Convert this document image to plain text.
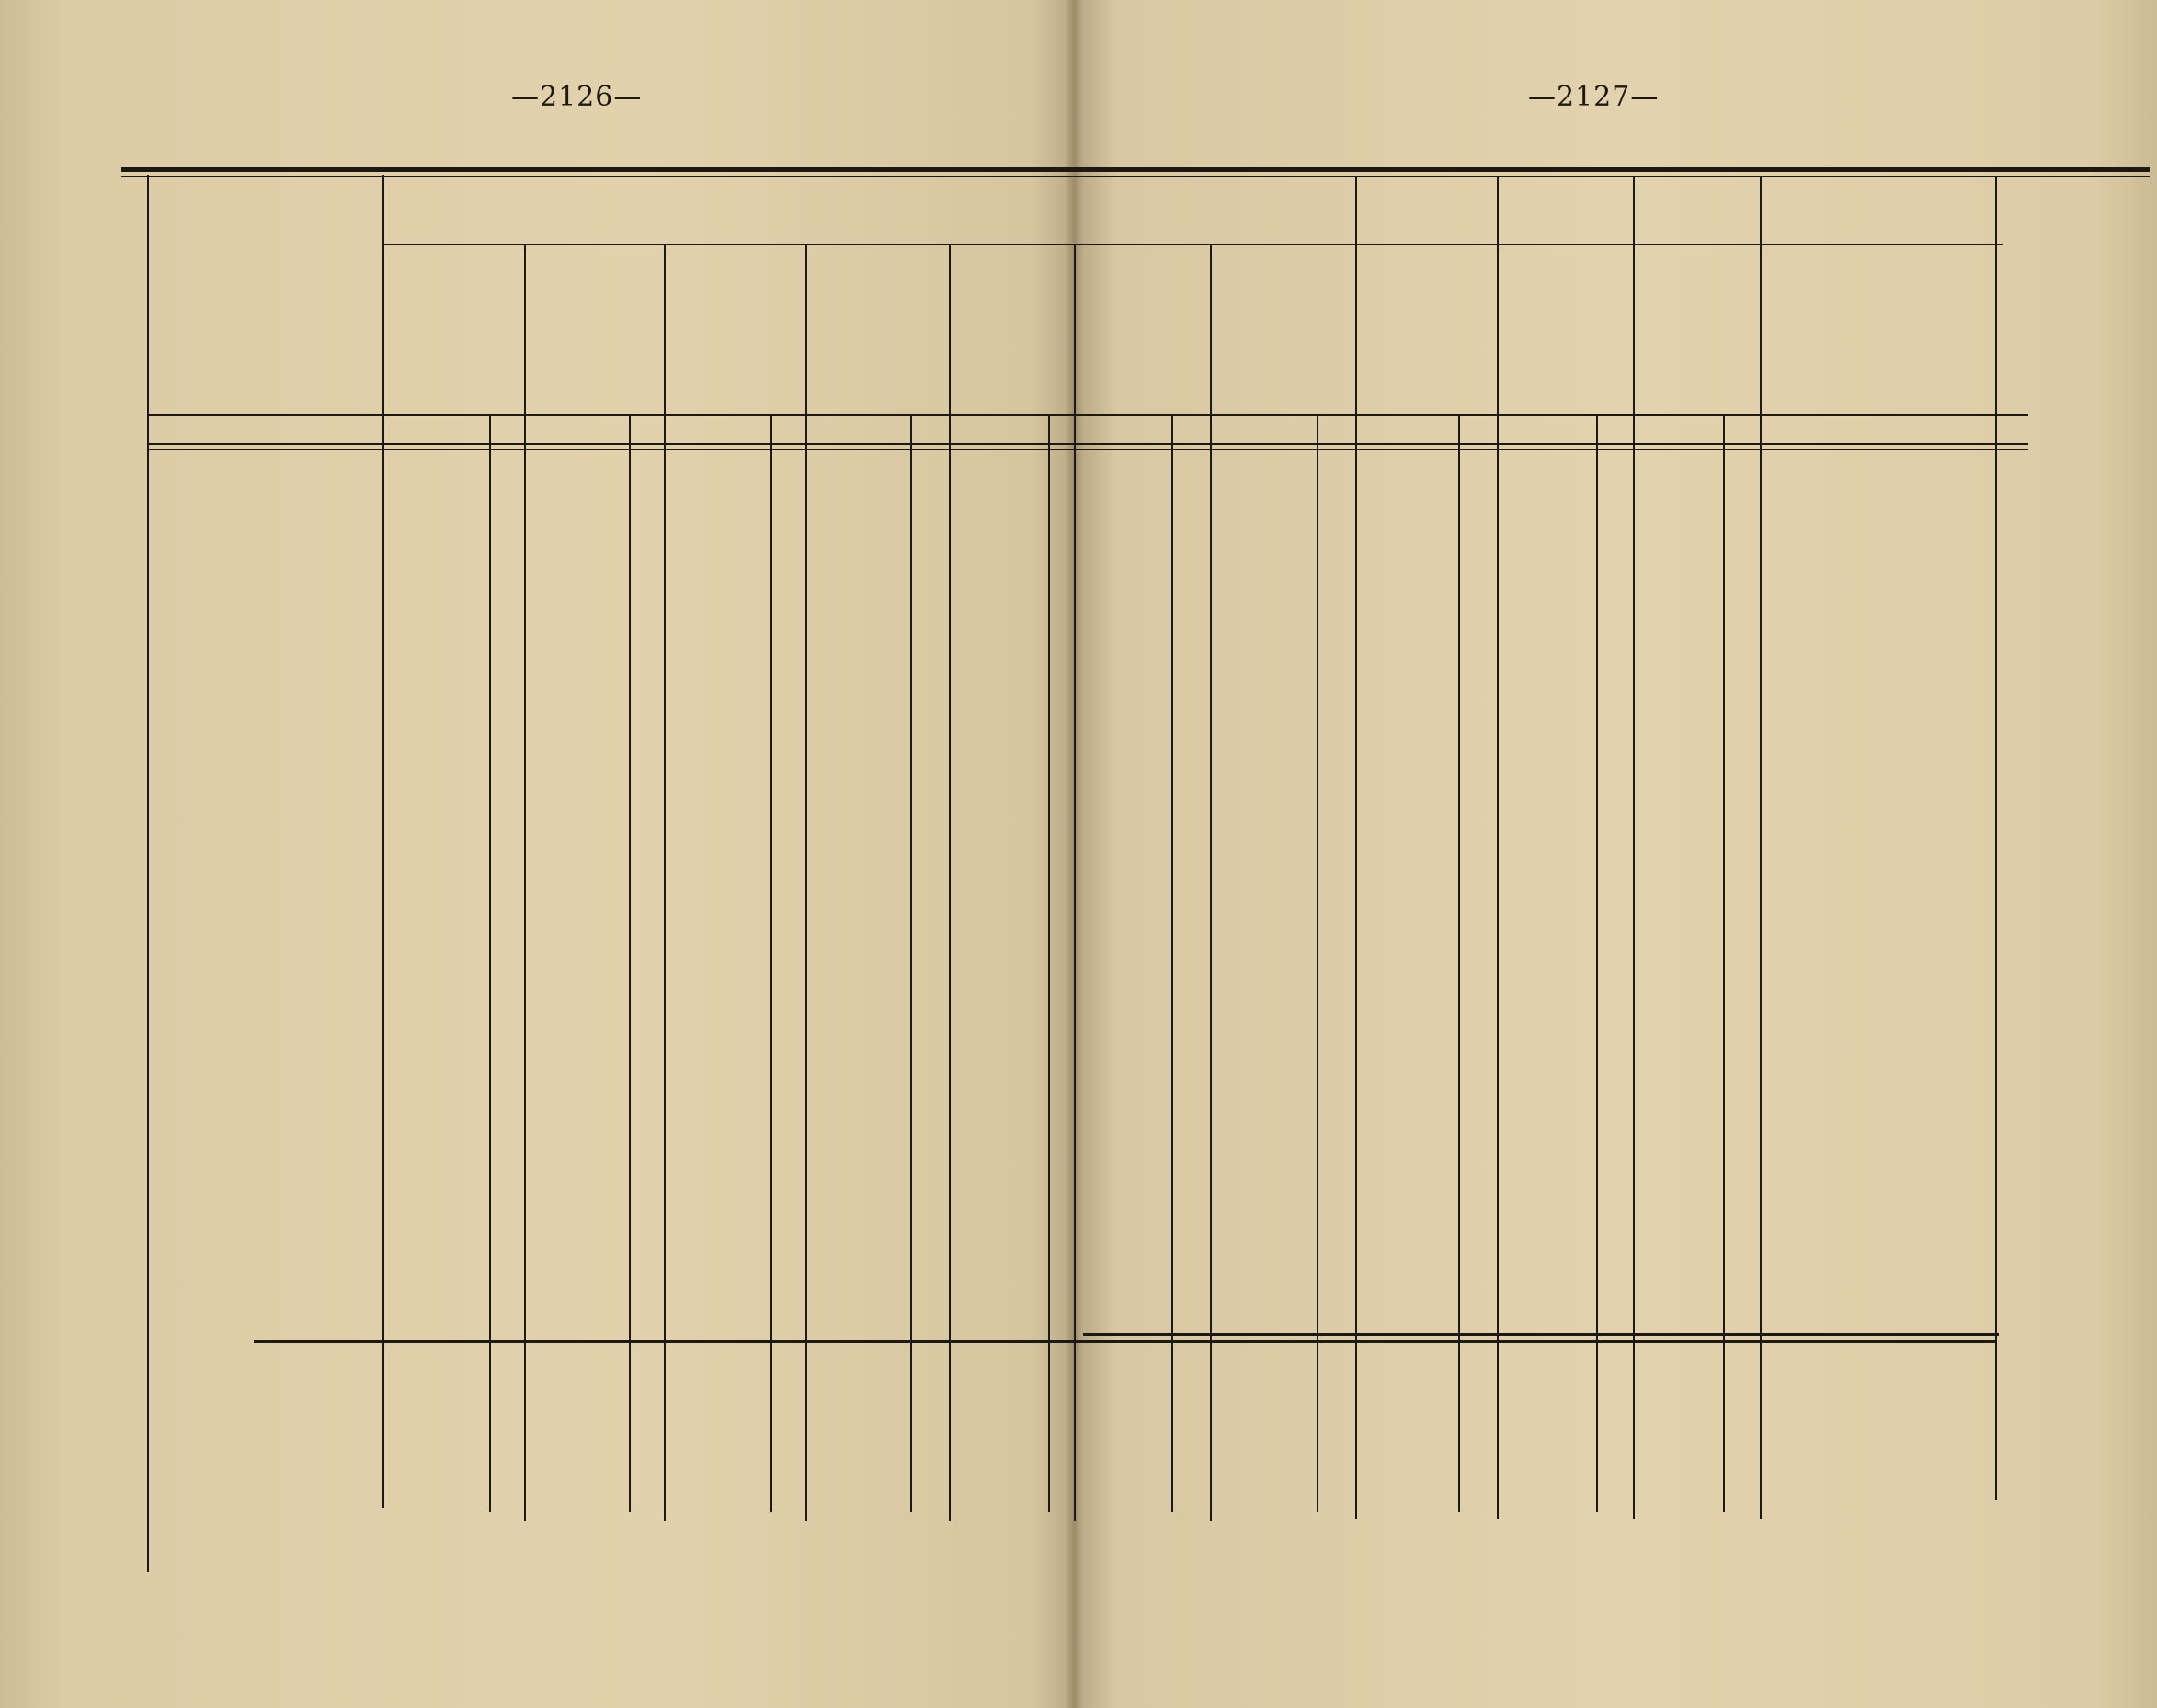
—2126—	—2127—
